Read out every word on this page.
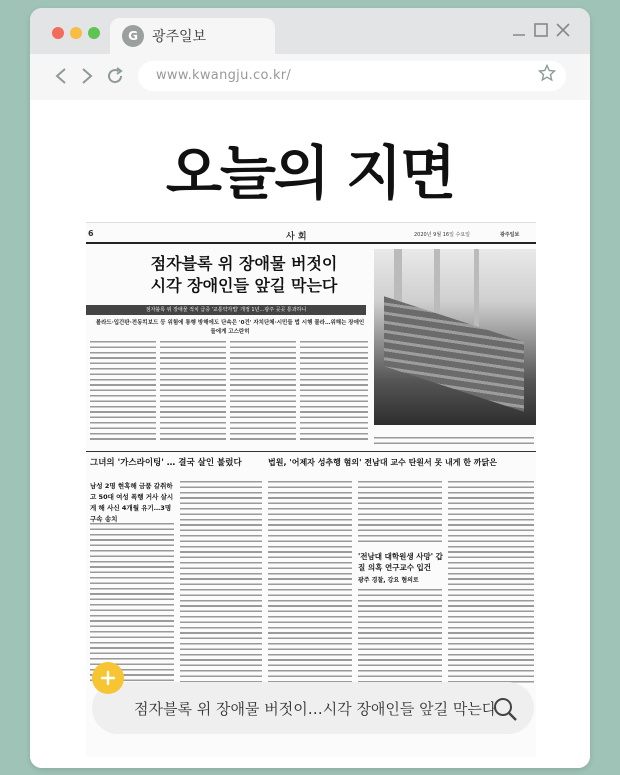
G	광주일보
www.kwangju.co.kr/
오늘의 지면
6	사 회	2020년 9월 16일 수요일	광주일보
점자블록 위 장애물 버젓이
시각 장애인들 앞길 막는다
점자블록 위 장애물 적치 급증 '교통약자법' 개정 1년…광주 곳곳 통과하니
볼라드·입간판·전동킥보드 등 위험에 통행 방해에도 단속은 '0건' 자치단체·시민들 법 시행 몰라…위해는 장애인들에게 고스란히
그녀의 '가스라이팅' … 결국 살인 불렀다
남성 2명 현혹해 금품 갈취하고 50대 여성 폭행 거사 살시게 해 사신 4개월 유기…3명 구속 송치
법원, '어제자 성추행 혐의' 전남대 교수 탄원서 못 내게 한 까닭은
'전남대 대학원생 사망' 갑질 의혹 연구교수 입건
광주 경찰, 강요 혐의로
점자블록 위 장애물 버젓이…시각 장애인들 앞길 막는다
